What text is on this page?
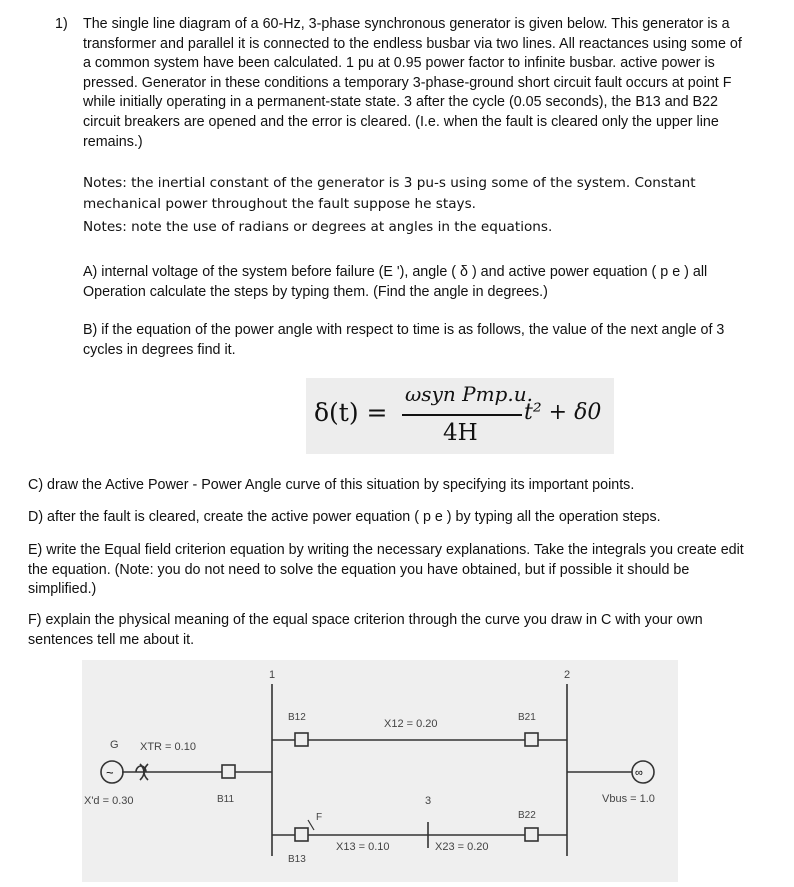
1) The single line diagram of a 60-Hz, 3-phase synchronous generator is given below. This generator is a transformer and parallel it is connected to the endless busbar via two lines. All reactances using some of a common system have been calculated. 1 pu at 0.95 power factor to infinite busbar. active power is pressed. Generator in these conditions a temporary 3-phase-ground short circuit fault occurs at point F while initially operating in a permanent-state state. 3 after the cycle (0.05 seconds), the B13 and B22 circuit breakers are opened and the error is cleared. (I.e. when the fault is cleared only the upper line remains.)
Notes: the inertial constant of the generator is 3 pu-s using some of the system. Constant mechanical power throughout the fault suppose he stays.
Notes: note the use of radians or degrees at angles in the equations.
A) internal voltage of the system before failure (E '), angle ( δ ) and active power equation ( p e ) all Operation calculate the steps by typing them. (Find the angle in degrees.)
B) if the equation of the power angle with respect to time is as follows, the value of the next angle of 3 cycles in degrees find it.
δ(t) =
ωsyn Pmp.u.
4H
t² + δ0
C) draw the Active Power - Power Angle curve of this situation by specifying its important points.
D) after the fault is cleared, create the active power equation ( p e ) by typing all the operation steps.
E) write the Equal field criterion equation by writing the necessary explanations. Take the integrals you create edit the equation. (Note: you do not need to solve the equation you have obtained, but if possible it should be simplified.)
F) explain the physical meaning of the equal space criterion through the curve you draw in C with your own sentences tell me about it.
~	∞
1	2
G XTR = 0.10
X'd = 0.30	B11
B12
B13
B21
B22
X12 = 0.20
X13 = 0.10	X23 = 0.20
3
F
Vbus = 1.0
